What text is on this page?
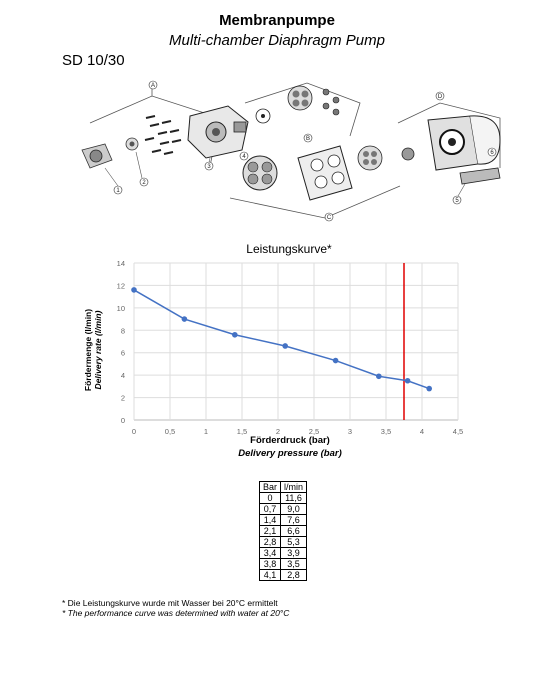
Membranpumpe
Multi-chamber Diaphragm Pump
SD 10/30
A
B
C
D
1
2
3
4
5
6
Leistungskurve*
0
2
4
6
8
10
12
14
0	0,5	1	1,5	2	2,5	3	3,5	4	4,5
Fördermenge (l/min) Delivery rate (l/min)
Förderdruck (bar)
Delivery pressure (bar)
Bar	l/min
0	11,6
0,7	9,0
1,4	7,6
2,1	6,6
2,8	5,3
3,4	3,9
3,8	3,5
4,1	2,8
* Die Leistungskurve wurde mit Wasser bei 20°C ermittelt
* The performance curve was determined with water at 20°C
